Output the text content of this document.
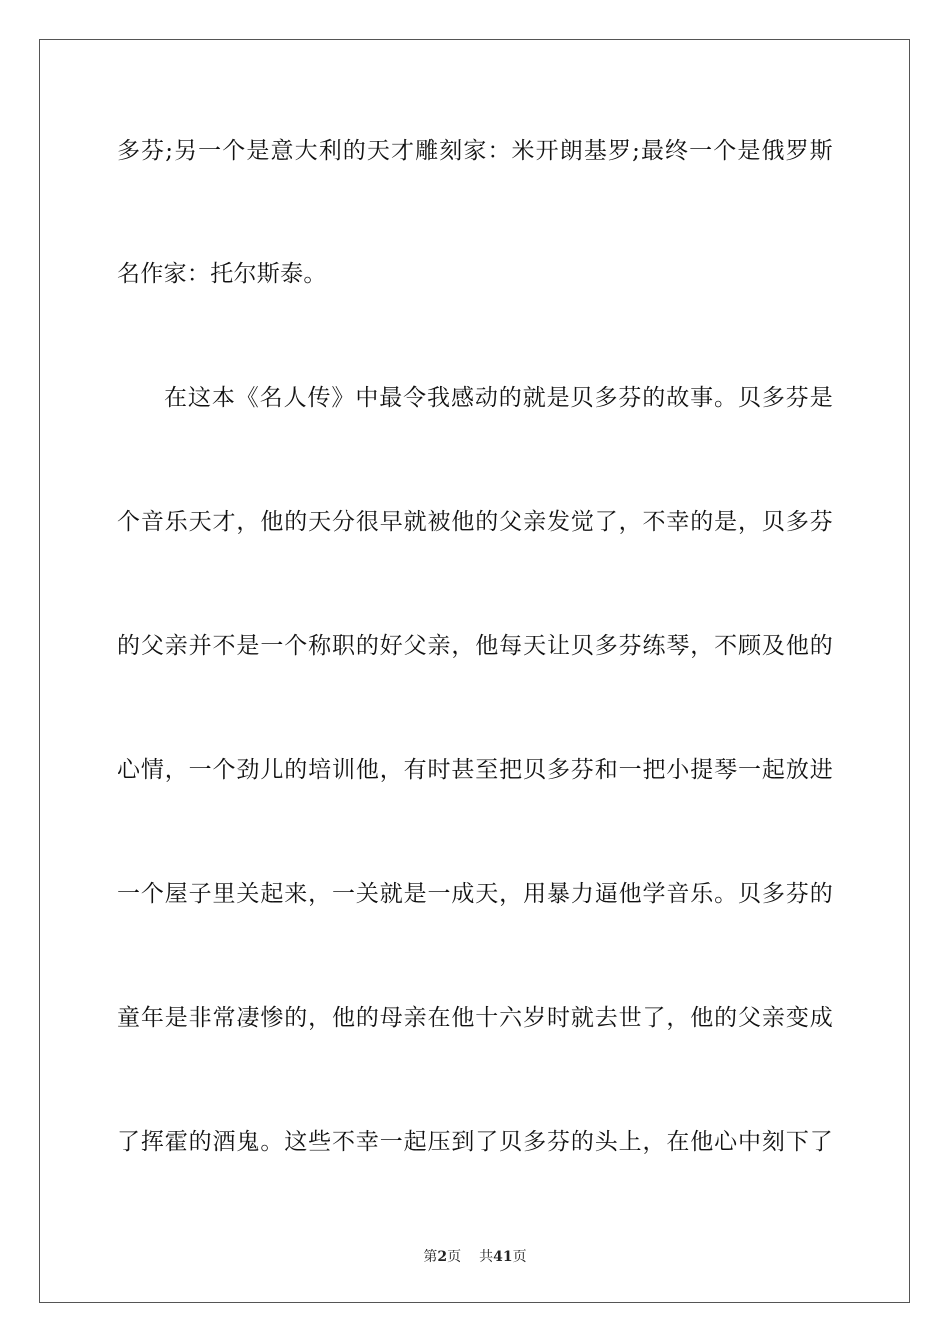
多芬;另一个是意大利的天才雕刻家：米开朗基罗;最终一个是俄罗斯
名作家：托尔斯泰。
在这本《名人传》中最令我感动的就是贝多芬的故事。贝多芬是
个音乐天才，他的天分很早就被他的父亲发觉了，不幸的是，贝多芬
的父亲并不是一个称职的好父亲，他每天让贝多芬练琴，不顾及他的
心情，一个劲儿的培训他，有时甚至把贝多芬和一把小提琴一起放进
一个屋子里关起来，一关就是一成天，用暴力逼他学音乐。贝多芬的
童年是非常凄惨的，他的母亲在他十六岁时就去世了，他的父亲变成
了挥霍的酒鬼。这些不幸一起压到了贝多芬的头上，在他心中刻下了
第2页 共41页
